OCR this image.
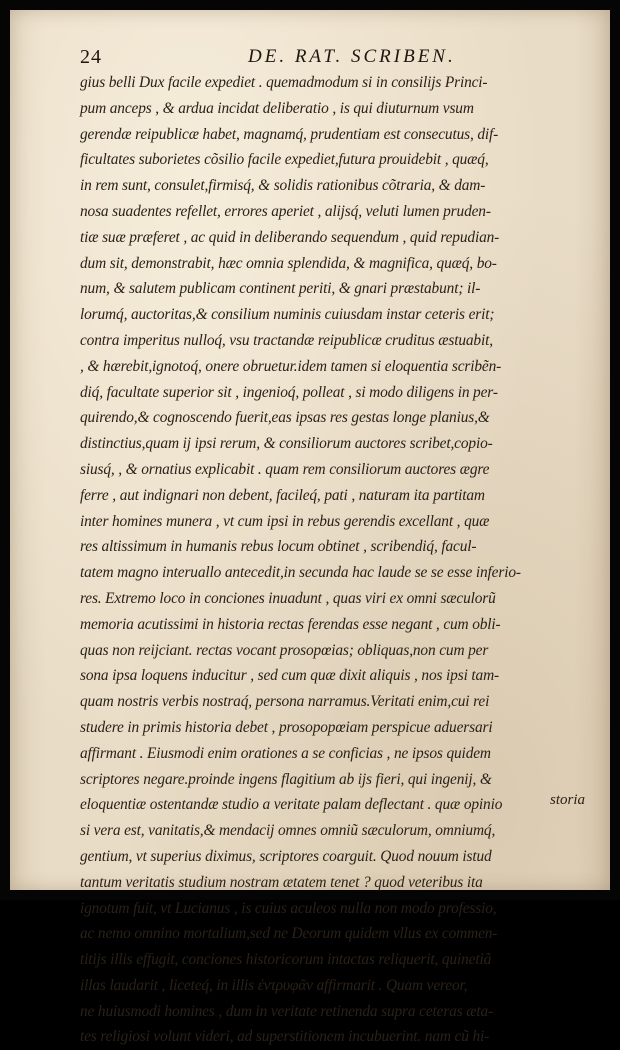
24	DE. RAT. SCRIBEN.
gius belli Dux facile expediet . quemadmodum si in consilijs Princi-
pum anceps , & ardua incidat deliberatio , is qui diuturnum vsum
gerendæ reipublicæ habet, magnamq́, prudentiam est consecutus, dif-
ficultates suborietes cõsilio facile expediet,futura prouidebit , quæq́,
in rem sunt, consulet,firmisq́, & solidis rationibus cõtraria, & dam-
nosa suadentes refellet, errores aperiet , alijsq́, veluti lumen pruden-
tiæ suæ præferet , ac quid in deliberando sequendum , quid repudian-
dum sit, demonstrabit, hæc omnia splendida, & magnifica, quæq́, bo-
num, & salutem publicam continent periti, & gnari præstabunt; il-
lorumq́, auctoritas,& consilium numinis cuiusdam instar ceteris erit;
contra imperitus nulloq́, vsu tractandæ reipublicæ cruditus æstuabit,
, & hærebit,ignotoq́, onere obruetur.idem tamen si eloquentia scribẽn-
diq́, facultate superior sit , ingenioq́, polleat , si modo diligens in per-
quirendo,& cognoscendo fuerit,eas ipsas res gestas longe planius,&
distinctius,quam ij ipsi rerum, & consiliorum auctores scribet,copio-
siusq́, , & ornatius explicabit . quam rem consiliorum auctores ægre
ferre , aut indignari non debent, facileq́, pati , naturam ita partitam
inter homines munera , vt cum ipsi in rebus gerendis excellant , quæ
res altissimum in humanis rebus locum obtinet , scribendiq́, facul-
tatem magno interuallo antecedit,in secunda hac laude se se esse inferio-
res. Extremo loco in conciones inuadunt , quas viri ex omni sæculorũ
memoria acutissimi in historia rectas ferendas esse negant , cum obli-
quas non reijciant. rectas vocant prosopœias; obliquas,non cum per
sona ipsa loquens inducitur , sed cum quæ dixit aliquis , nos ipsi tam-
quam nostris verbis nostraq́, persona narramus.Veritati enim,cui rei
studere in primis historia debet , prosopopœiam perspicue aduersari
affirmant . Eiusmodi enim orationes a se conficias , ne ipsos quidem
scriptores negare.proinde ingens flagitium ab ijs fieri, qui ingenij, &
eloquentiæ ostentandæ studio a veritate palam deflectant . quæ opinio
si vera est, vanitatis,& mendacij omnes omniũ sæculorum, omniumq́,
gentium, vt superius diximus, scriptores coarguit. Quod nouum istud
tantum veritatis studium nostram ætatem tenet ? quod veteribus ita
ignotum fuit, vt Lucianus , is cuius aculeos nulla non modo professio,
ac nemo omnino mortalium,sed ne Deorum quidem vllus ex commen-
titijs illis effugit, conciones historicorum intactas reliquerit, quinetiã
illas laudarit , liceteq́, in illis ἐντρυφᾶν affirmarit . Quam vereor,
ne huiusmodi homines , dum in veritate retinenda supra ceteras æta-
tes religiosi volunt videri, ad superstitionem incubuerint. nam cũ hi-
storia
